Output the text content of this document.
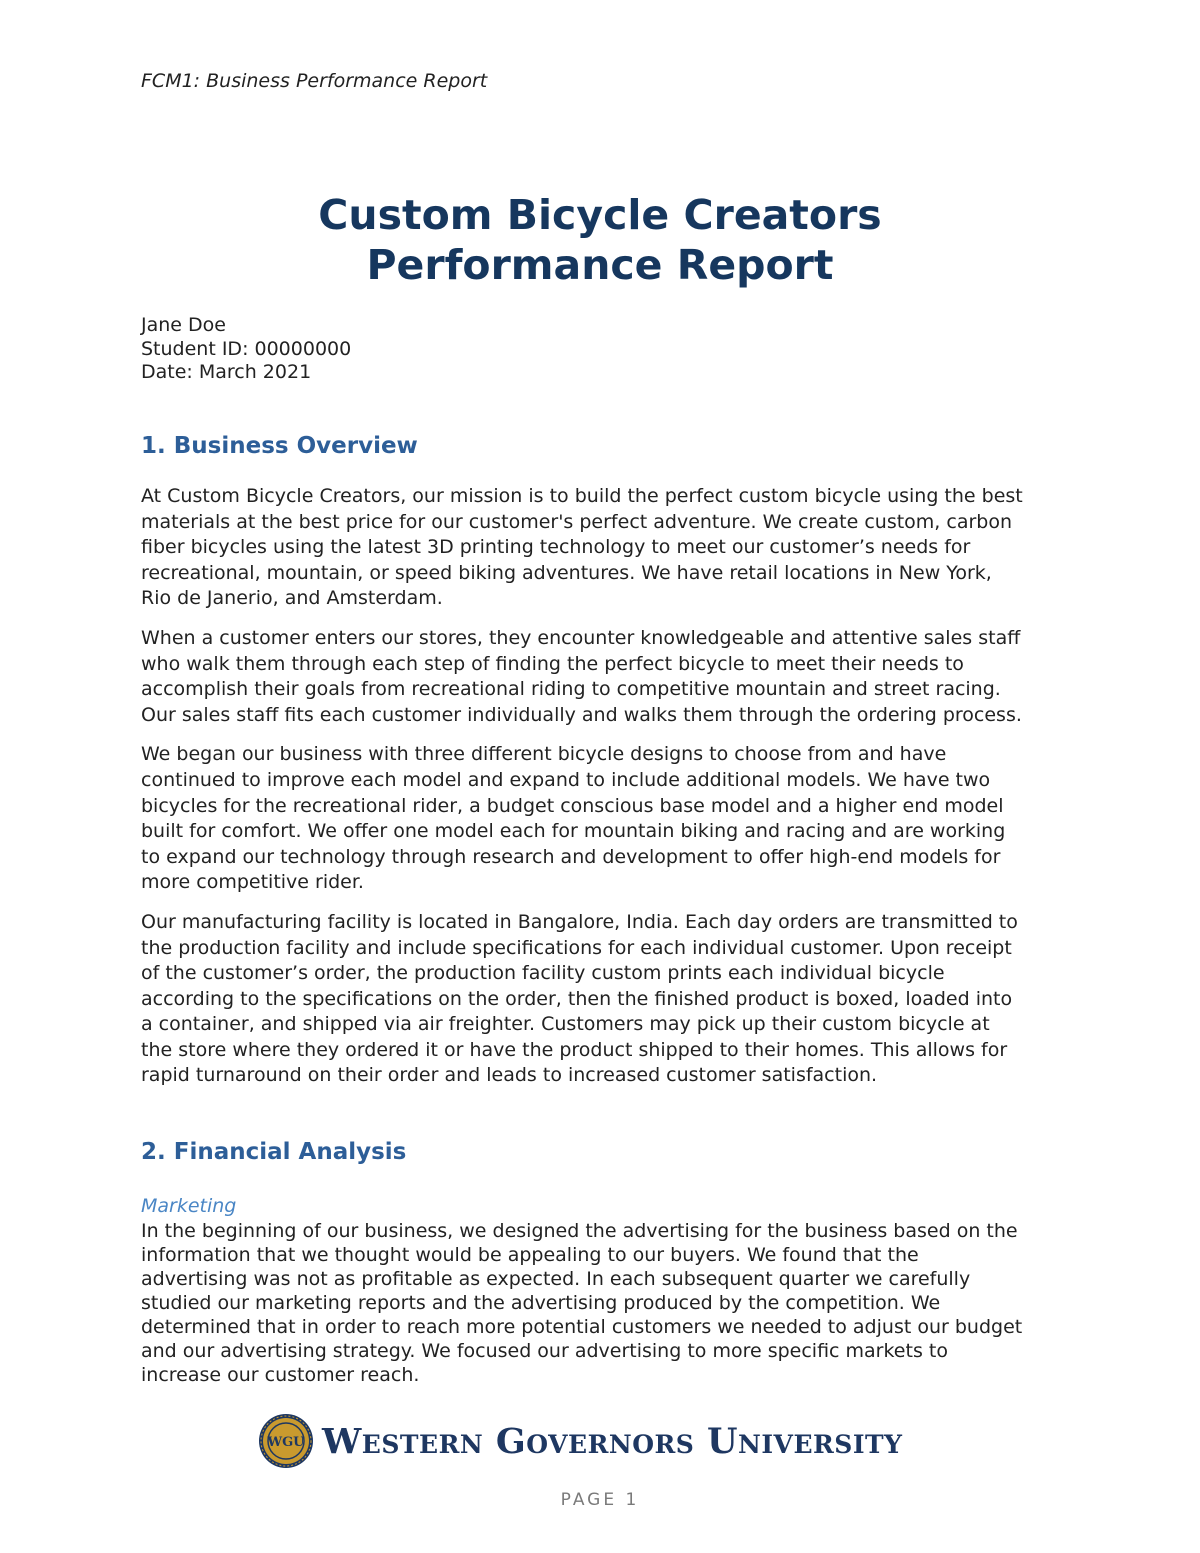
FCM1: Business Performance Report
Custom Bicycle Creators
Performance Report
Jane Doe
Student ID: 00000000
Date: March 2021
1. Business Overview
At Custom Bicycle Creators, our mission is to build the perfect custom bicycle using the best
materials at the best price for our customer's perfect adventure. We create custom, carbon
fiber bicycles using the latest 3D printing technology to meet our customer’s needs for
recreational, mountain, or speed biking adventures. We have retail locations in New York,
Rio de Janerio, and Amsterdam.
When a customer enters our stores, they encounter knowledgeable and attentive sales staff
who walk them through each step of finding the perfect bicycle to meet their needs to
accomplish their goals from recreational riding to competitive mountain and street racing.
Our sales staff fits each customer individually and walks them through the ordering process.
We began our business with three different bicycle designs to choose from and have
continued to improve each model and expand to include additional models. We have two
bicycles for the recreational rider, a budget conscious base model and a higher end model
built for comfort. We offer one model each for mountain biking and racing and are working
to expand our technology through research and development to offer high-end models for
more competitive rider.
Our manufacturing facility is located in Bangalore, India. Each day orders are transmitted to
the production facility and include specifications for each individual customer. Upon receipt
of the customer’s order, the production facility custom prints each individual bicycle
according to the specifications on the order, then the finished product is boxed, loaded into
a container, and shipped via air freighter. Customers may pick up their custom bicycle at
the store where they ordered it or have the product shipped to their homes. This allows for
rapid turnaround on their order and leads to increased customer satisfaction.
2. Financial Analysis
Marketing
In the beginning of our business, we designed the advertising for the business based on the
information that we thought would be appealing to our buyers. We found that the
advertising was not as profitable as expected. In each subsequent quarter we carefully
studied our marketing reports and the advertising produced by the competition. We
determined that in order to reach more potential customers we needed to adjust our budget
and our advertising strategy. We focused our advertising to more specific markets to
increase our customer reach.
WGU Western Governors University
PAGE 1
